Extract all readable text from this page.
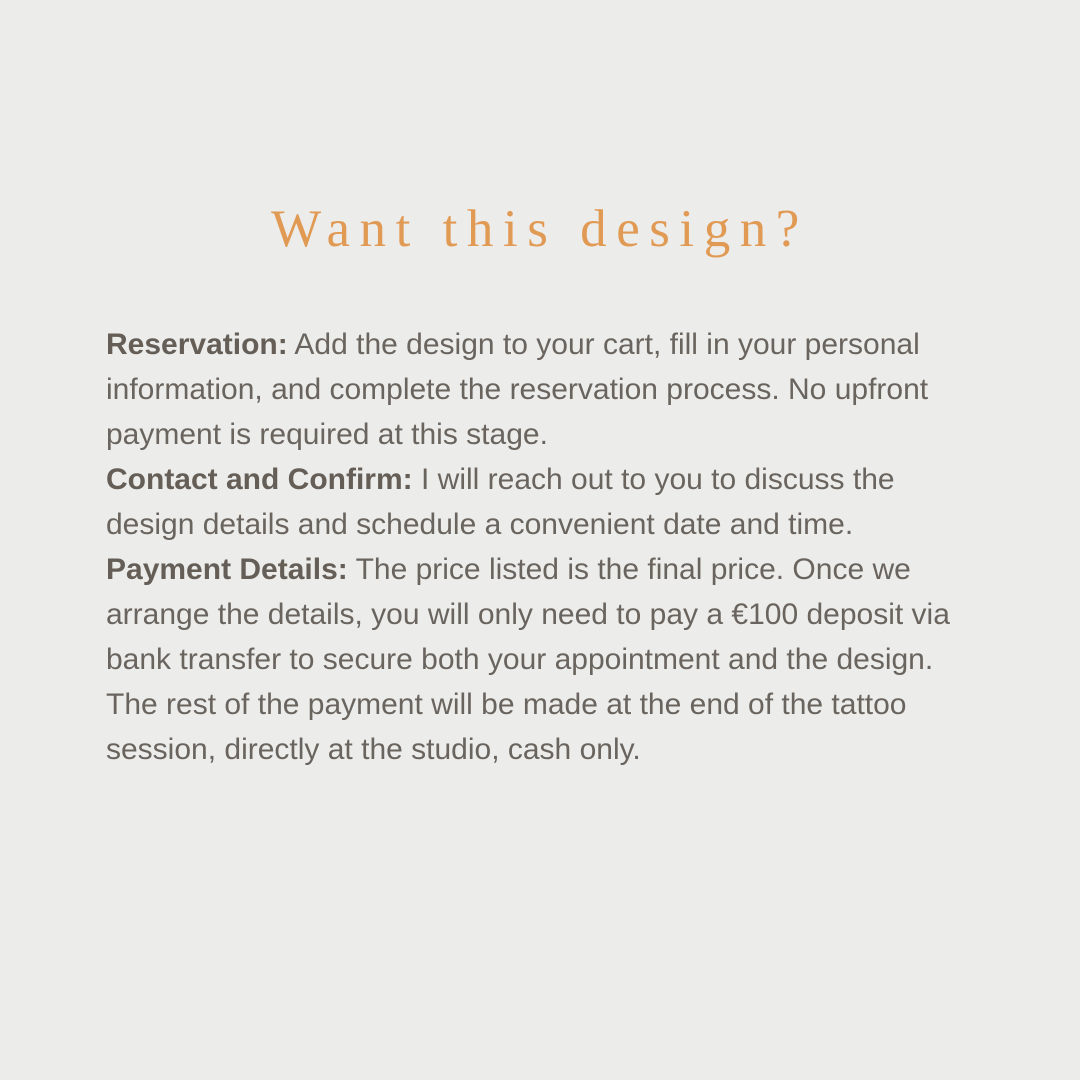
Want this design?

Reservation: Add the design to your cart, fill in your personal information, and complete the reservation process. No upfront payment is required at this stage.

Contact and Confirm: I will reach out to you to discuss the design details and schedule a convenient date and time.

Payment Details: The price listed is the final price. Once we arrange the details, you will only need to pay a €100 deposit via bank transfer to secure both your appointment and the design. The rest of the payment will be made at the end of the tattoo session, directly at the studio, cash only.
